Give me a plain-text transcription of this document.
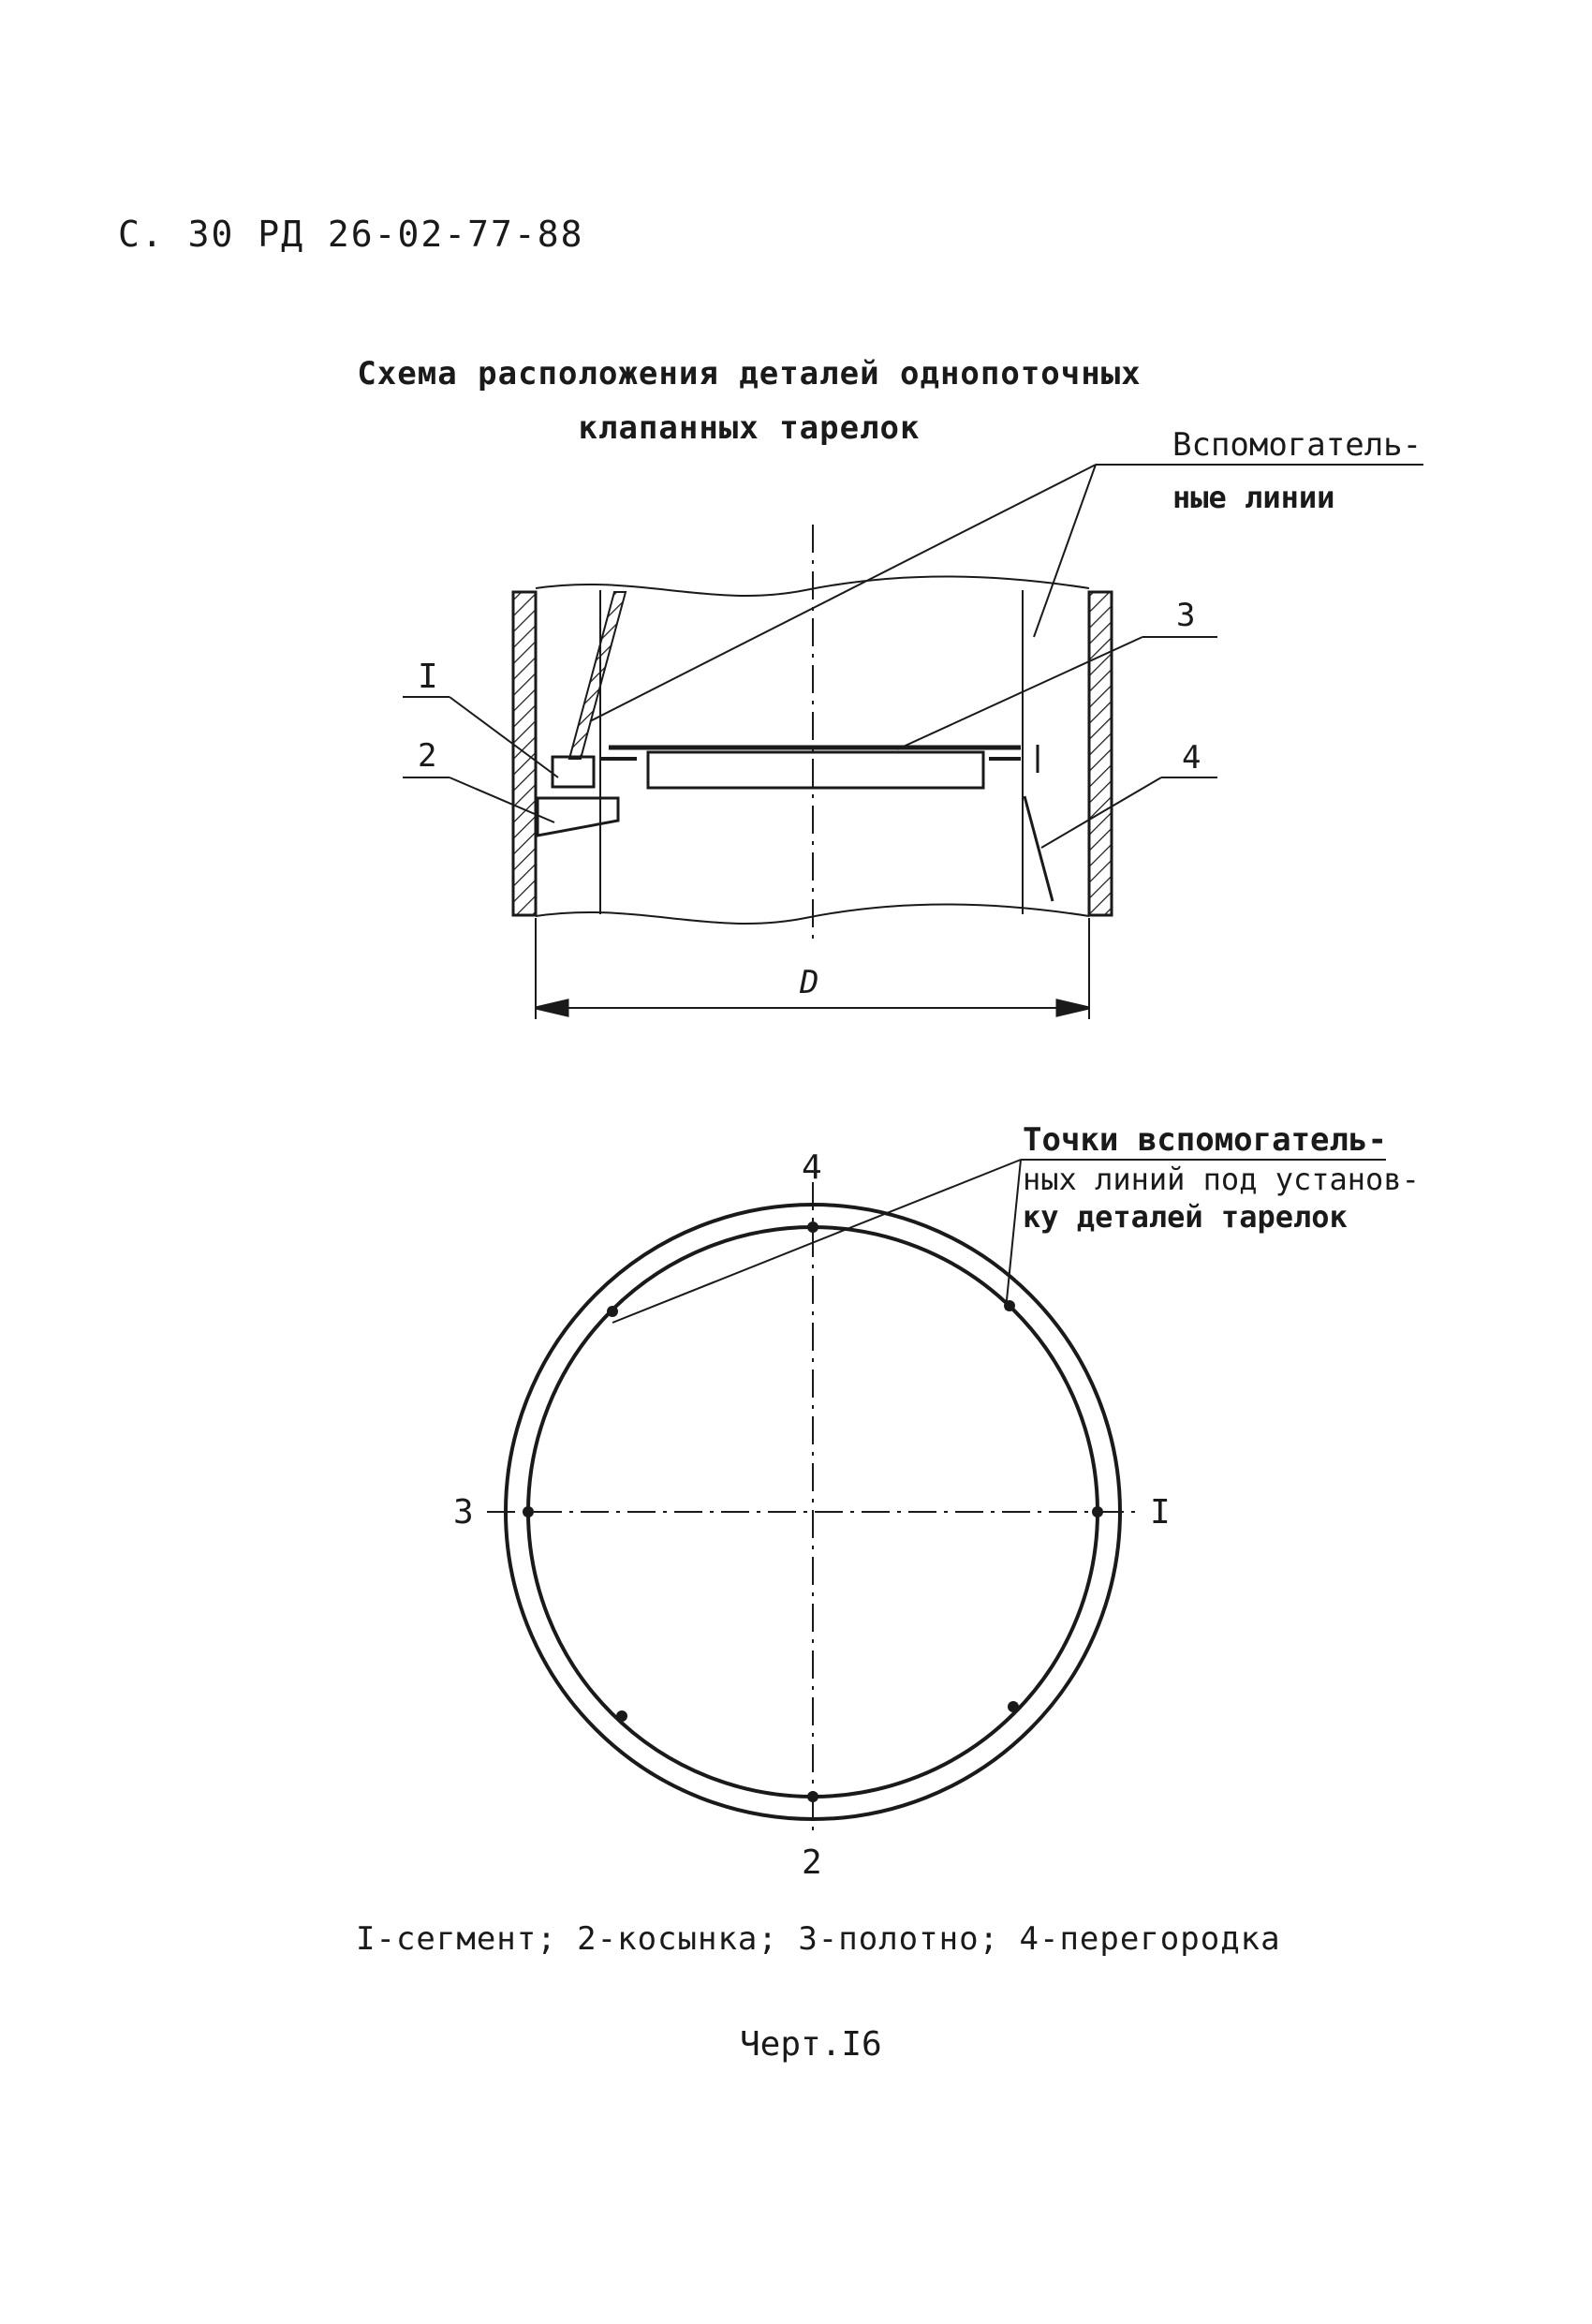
С. 30 РД 26-02-77-88
Схема расположения деталей однопоточных
клапанных тарелок	Вспомогатель-
ные линии
I
2
3
4
D
Точки вспомогатель-
ных линий под установ-
ку деталей тарелок
4
I
2
3
I-сегмент; 2-косынка; 3-полотно; 4-перегородка
Черт.I6
